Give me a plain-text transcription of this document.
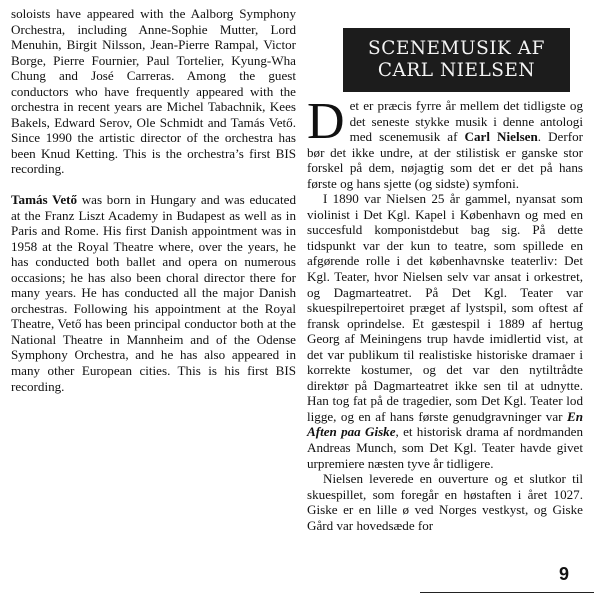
soloists have appeared with the Aalborg Symphony Orchestra, including Anne-Sophie Mutter, Lord Menuhin, Birgit Nilsson, Jean-Pierre Rampal, Victor Borge, Pierre Fournier, Paul Tortelier, Kyung-Wha Chung and José Carreras. Among the guest conductors who have frequently appeared with the orchestra in recent years are Michel Tabachnik, Kees Bakels, Edward Serov, Ole Schmidt and Tamás Vető. Since 1990 the artistic director of the orchestra has been Knud Ketting. This is the orchestra’s first BIS recording.

Tamás Vető was born in Hungary and was educated at the Franz Liszt Academy in Budapest as well as in Paris and Rome. His first Danish appointment was in 1958 at the Royal Theatre where, over the years, he has conducted both ballet and opera on numerous occasions; he has also been choral director there for many years. He has conducted all the major Danish orchestras. Following his appointment at the Royal Theatre, Vető has been principal conductor both at the National Theatre in Mannheim and of the Odense Symphony Orchestra, and he has also appeared in many other European cities. This is his first BIS recording.

SCENEMUSIK AF
CARL NIELSEN

Det er præcis fyrre år mellem det tidligste og det seneste stykke musik i denne antologi med scenemusik af Carl Nielsen. Derfor bør det ikke undre, at der stilistisk er ganske stor forskel på dem, nøjagtig som det er det på hans første og hans sjette (og sidste) symfoni.

I 1890 var Nielsen 25 år gammel, nyansat som violinist i Det Kgl. Kapel i København og med en succesfuld komponistdebut bag sig. På dette tidspunkt var der kun to teatre, som spillede en afgørende rolle i det københavnske teaterliv: Det Kgl. Teater, hvor Nielsen selv var ansat i orkestret, og Dagmarteatret. På Det Kgl. Teater var skuespilrepertoiret præget af lystspil, som oftest af fransk oprindelse. Et gæstespil i 1889 af hertug Georg af Meiningens trup havde imidlertid vist, at det var publikum til realistiske historiske dramaer i korrekte kostumer, og det var den nytiltrådte direktør på Dagmarteatret ikke sen til at udnytte. Han tog fat på de tragedier, som Det Kgl. Teater lod ligge, og en af hans første genudgravninger var En Aften paa Giske, et historisk drama af nordmanden Andreas Munch, som Det Kgl. Teater havde givet urpremiere næsten tyve år tidligere.

Nielsen leverede en ouverture og et slutkor til skuespillet, som foregår en høstaften i året 1027. Giske er en lille ø ved Norges vestkyst, og Giske Gård var hovedsæde for

9
